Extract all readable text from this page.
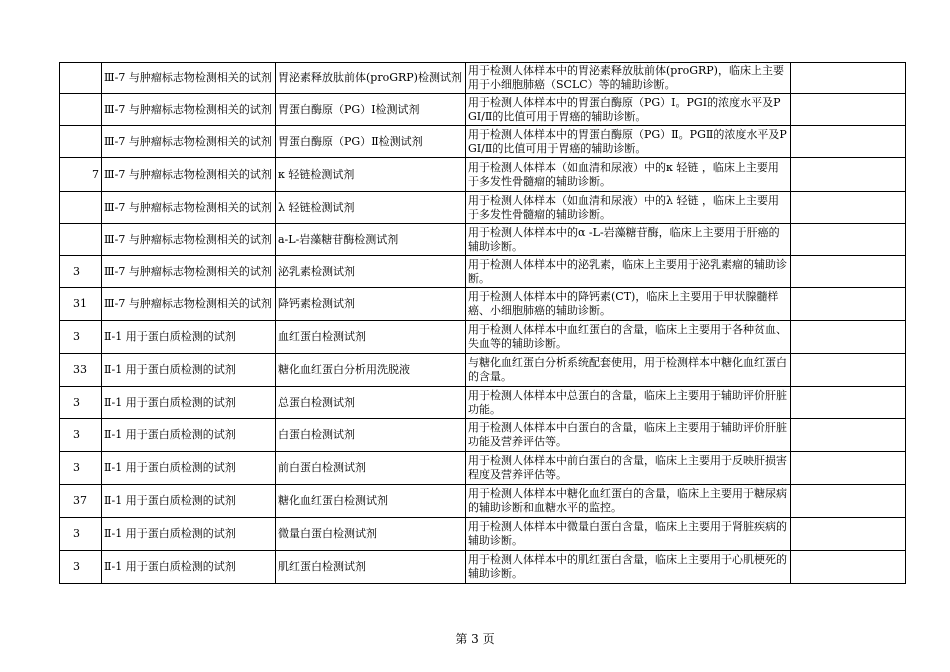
	Ⅲ-7 与肿瘤标志物检测相关的试剂	胃泌素释放肽前体(proGRP)检测试剂	用于检测人体样本中的胃泌素释放肽前体(proGRP)，临床上主要用于小细胞肺癌（SCLC）等的辅助诊断。	
	Ⅲ-7 与肿瘤标志物检测相关的试剂	胃蛋白酶原（PG）Ⅰ检测试剂	用于检测人体样本中的胃蛋白酶原（PG）Ⅰ。PGⅠ的浓度水平及PGⅠ/Ⅱ的比值可用于胃癌的辅助诊断。	
	Ⅲ-7 与肿瘤标志物检测相关的试剂	胃蛋白酶原（PG）Ⅱ检测试剂	用于检测人体样本中的胃蛋白酶原（PG）Ⅱ。PGⅡ的浓度水平及PGⅠ/Ⅱ的比值可用于胃癌的辅助诊断。	
7	Ⅲ-7 与肿瘤标志物检测相关的试剂	κ 轻链检测试剂	用于检测人体样本（如血清和尿液）中的κ 轻链 ，临床上主要用于多发性骨髓瘤的辅助诊断。	
	Ⅲ-7 与肿瘤标志物检测相关的试剂	λ 轻链检测试剂	用于检测人体样本（如血清和尿液）中的λ 轻链 ，临床上主要用于多发性骨髓瘤的辅助诊断。	
	Ⅲ-7 与肿瘤标志物检测相关的试剂	a-L-岩藻糖苷酶检测试剂	用于检测人体样本中的α -L-岩藻糖苷酶，临床上主要用于肝癌的辅助诊断。	
3	Ⅲ-7 与肿瘤标志物检测相关的试剂	泌乳素检测试剂	用于检测人体样本中的泌乳素，临床上主要用于泌乳素瘤的辅助诊断。	
31	Ⅲ-7 与肿瘤标志物检测相关的试剂	降钙素检测试剂	用于检测人体样本中的降钙素(CT)，临床上主要用于甲状腺髓样癌、小细胞肺癌的辅助诊断。	
3	Ⅱ-1 用于蛋白质检测的试剂	血红蛋白检测试剂	用于检测人体样本中血红蛋白的含量，临床上主要用于各种贫血、失血等的辅助诊断。	
33	Ⅱ-1 用于蛋白质检测的试剂	糖化血红蛋白分析用洗脱液	与糖化血红蛋白分析系统配套使用，用于检测样本中糖化血红蛋白的含量。	
3	Ⅱ-1 用于蛋白质检测的试剂	总蛋白检测试剂	用于检测人体样本中总蛋白的含量，临床上主要用于辅助评价肝脏功能。	
3	Ⅱ-1 用于蛋白质检测的试剂	白蛋白检测试剂	用于检测人体样本中白蛋白的含量，临床上主要用于辅助评价肝脏功能及营养评估等。	
3	Ⅱ-1 用于蛋白质检测的试剂	前白蛋白检测试剂	用于检测人体样本中前白蛋白的含量，临床上主要用于反映肝损害程度及营养评估等。	
37	Ⅱ-1 用于蛋白质检测的试剂	糖化血红蛋白检测试剂	用于检测人体样本中糖化血红蛋白的含量，临床上主要用于糖尿病的辅助诊断和血糖水平的监控。	
3	Ⅱ-1 用于蛋白质检测的试剂	微量白蛋白检测试剂	用于检测人体样本中微量白蛋白含量，临床上主要用于肾脏疾病的辅助诊断。	
3	Ⅱ-1 用于蛋白质检测的试剂	肌红蛋白检测试剂	用于检测人体样本中的肌红蛋白含量，临床上主要用于心肌梗死的辅助诊断。	
第 3 页
